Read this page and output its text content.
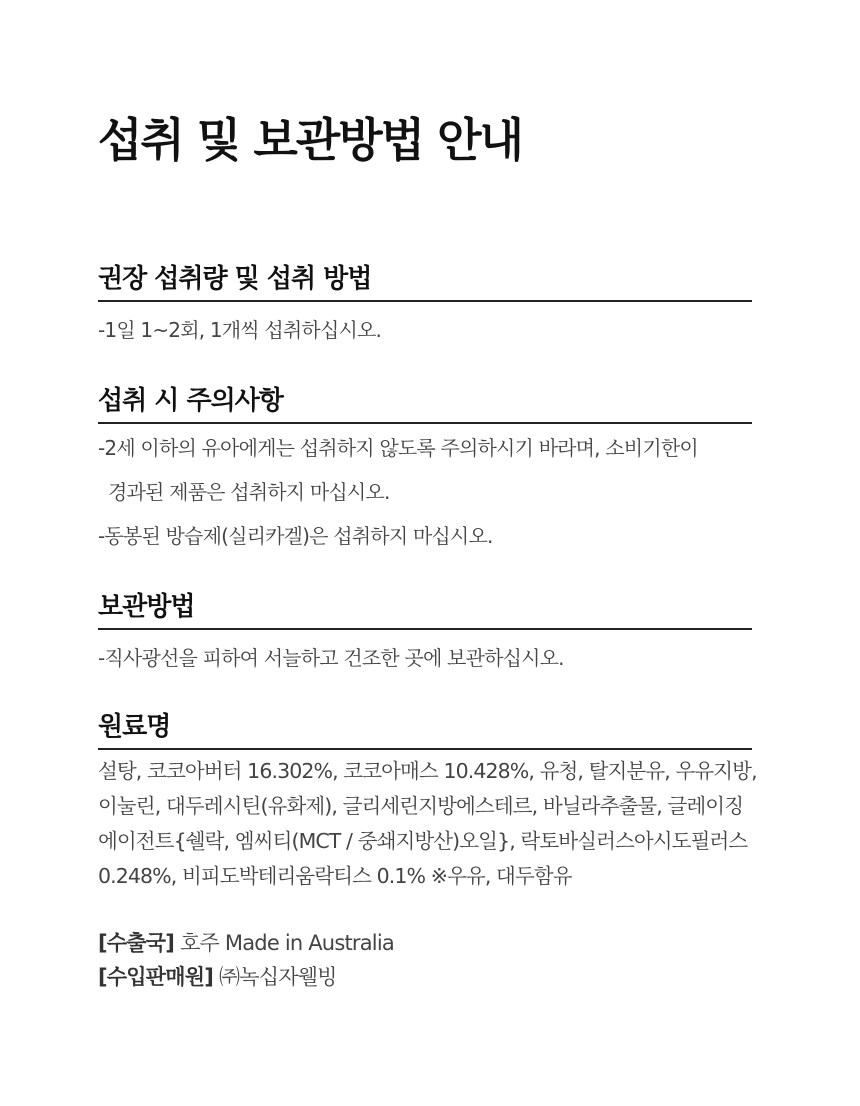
섭취 및 보관방법 안내
권장 섭취량 및 섭취 방법
-1일 1~2회, 1개씩 섭취하십시오.
섭취 시 주의사항
-2세 이하의 유아에게는 섭취하지 않도록 주의하시기 바라며, 소비기한이
경과된 제품은 섭취하지 마십시오.
-동봉된 방습제(실리카겔)은 섭취하지 마십시오.
보관방법
-직사광선을 피하여 서늘하고 건조한 곳에 보관하십시오.
원료명

설탕, 코코아버터 16.302%, 코코아매스 10.428%, 유청, 탈지분유, 우유지방,

이눌린, 대두레시틴(유화제), 글리세린지방에스테르, 바닐라추출물, 글레이징

에이전트{쉘락, 엠씨티(MCT / 중쇄지방산)오일}, 락토바실러스아시도필러스

0.248%, 비피도박테리움락티스 0.1% ※우유, 대두함유

[수출국] 호주 Made in Australia
[수입판매원] ㈜녹십자웰빙
